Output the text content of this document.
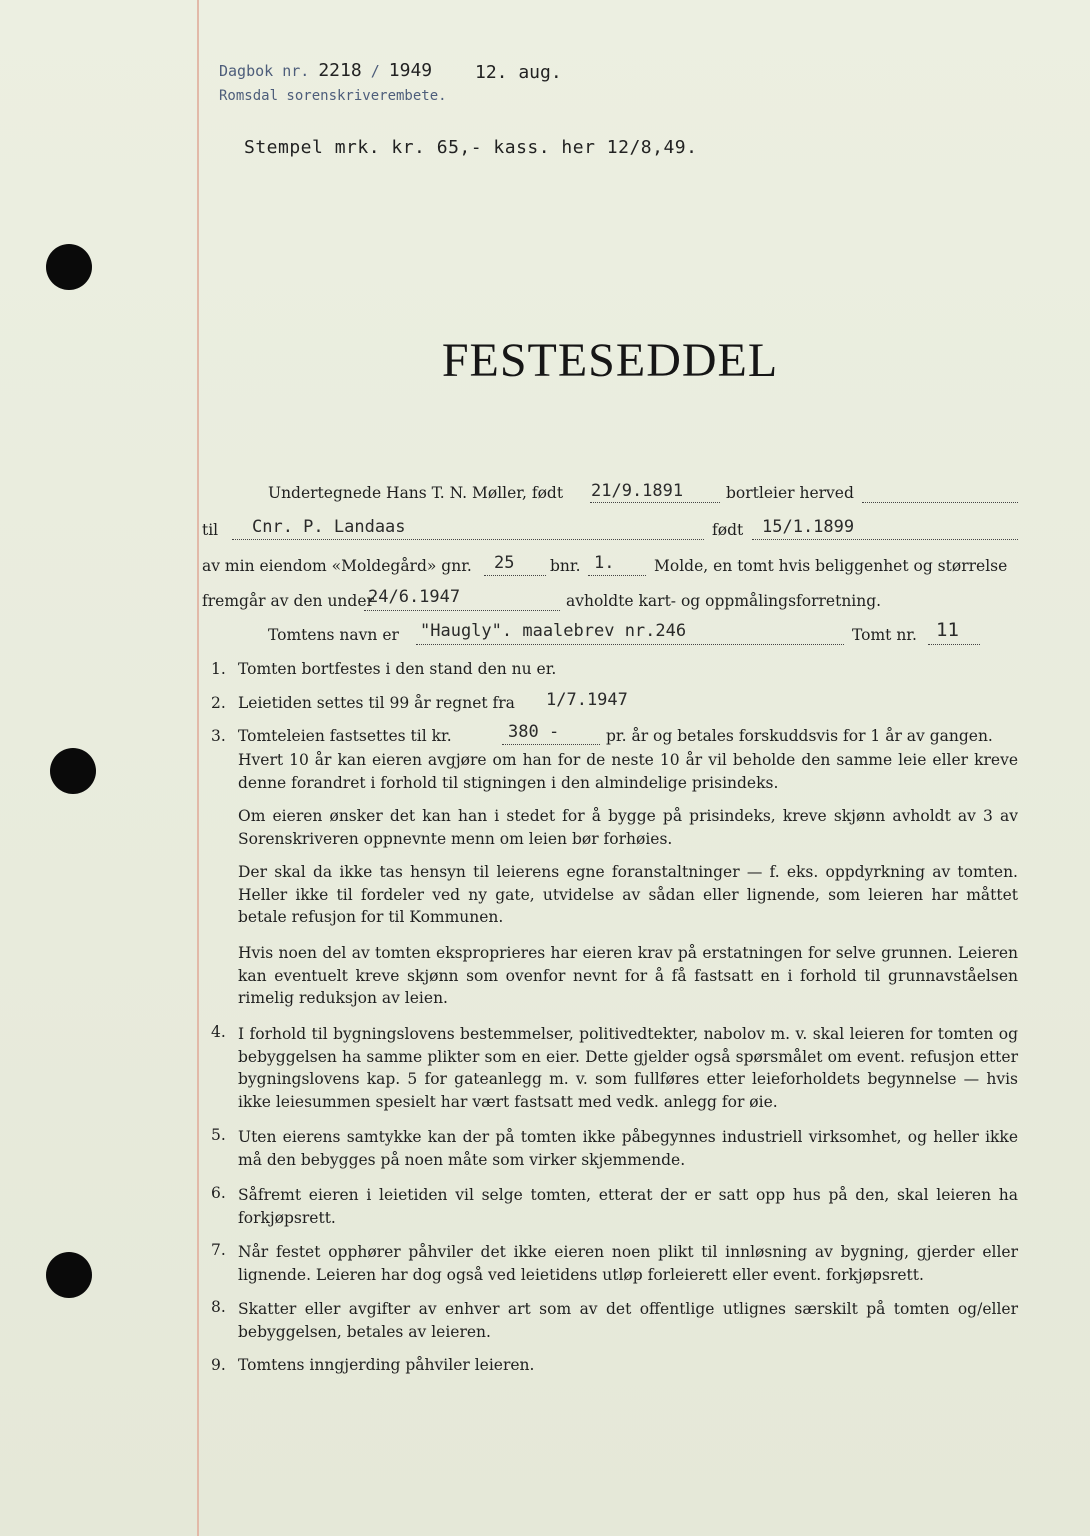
Dagbok nr. 2218 / 1949 12. aug.
Romsdal sorenskriverembete.
Stempel mrk. kr. 65,- kass. her 12/8,49.
FESTESEDDEL
Undertegnede Hans T. N. Møller, født 21/9.1891	bortleier herved
til Cnr. P. Landaas	født 15/1.1899
av min eiendom «Moldegård» gnr. 25 bnr. 1.	Molde, en tomt hvis beliggenhet og størrelse
fremgår av den under
24/6.1947	avholdte kart- og oppmålingsforretning.
Tomtens navn er "Haugly". maalebrev nr.246	Tomt nr. 11
1. Tomten bortfestes i den stand den nu er.
2. Leietiden settes til 99 år regnet fra 1/7.1947
3. Tomteleien fastsettes til kr.	380 -	pr. år og betales forskuddsvis for 1 år av gangen.
Hvert 10 år kan eieren avgjøre om han for de neste 10 år vil beholde den samme leie eller kreve denne forandret i forhold til stigningen i den almindelige prisindeks.
Om eieren ønsker det kan han i stedet for å bygge på prisindeks, kreve skjønn avholdt av 3 av Sorenskriveren oppnevnte menn om leien bør forhøies.
Der skal da ikke tas hensyn til leierens egne foranstaltninger — f. eks. oppdyrkning av tomten. Heller ikke til fordeler ved ny gate, utvidelse av sådan eller lignende, som leieren har måttet betale refusjon for til Kommunen.
Hvis noen del av tomten eksproprieres har eieren krav på erstatningen for selve grunnen. Leieren kan eventuelt kreve skjønn som ovenfor nevnt for å få fastsatt en i forhold til grunnavståelsen rimelig reduksjon av leien.
4. I forhold til bygningslovens bestemmelser, politivedtekter, nabolov m. v. skal leieren for tomten og bebyggelsen ha samme plikter som en eier. Dette gjelder også spørsmålet om event. refusjon etter bygningslovens kap. 5 for gateanlegg m. v. som fullføres etter leieforholdets begynnelse — hvis ikke leiesummen spesielt har vært fastsatt med vedk. anlegg for øie.
5. Uten eierens samtykke kan der på tomten ikke påbegynnes industriell virksomhet, og heller ikke må den bebygges på noen måte som virker skjemmende.
6. Såfremt eieren i leietiden vil selge tomten, etterat der er satt opp hus på den, skal leieren ha forkjøpsrett.
7. Når festet opphører påhviler det ikke eieren noen plikt til innløsning av bygning, gjerder eller lignende. Leieren har dog også ved leietidens utløp forleierett eller event. forkjøpsrett.
8. Skatter eller avgifter av enhver art som av det offentlige utlignes særskilt på tomten og/eller bebyggelsen, betales av leieren.
9. Tomtens inngjerding påhviler leieren.
